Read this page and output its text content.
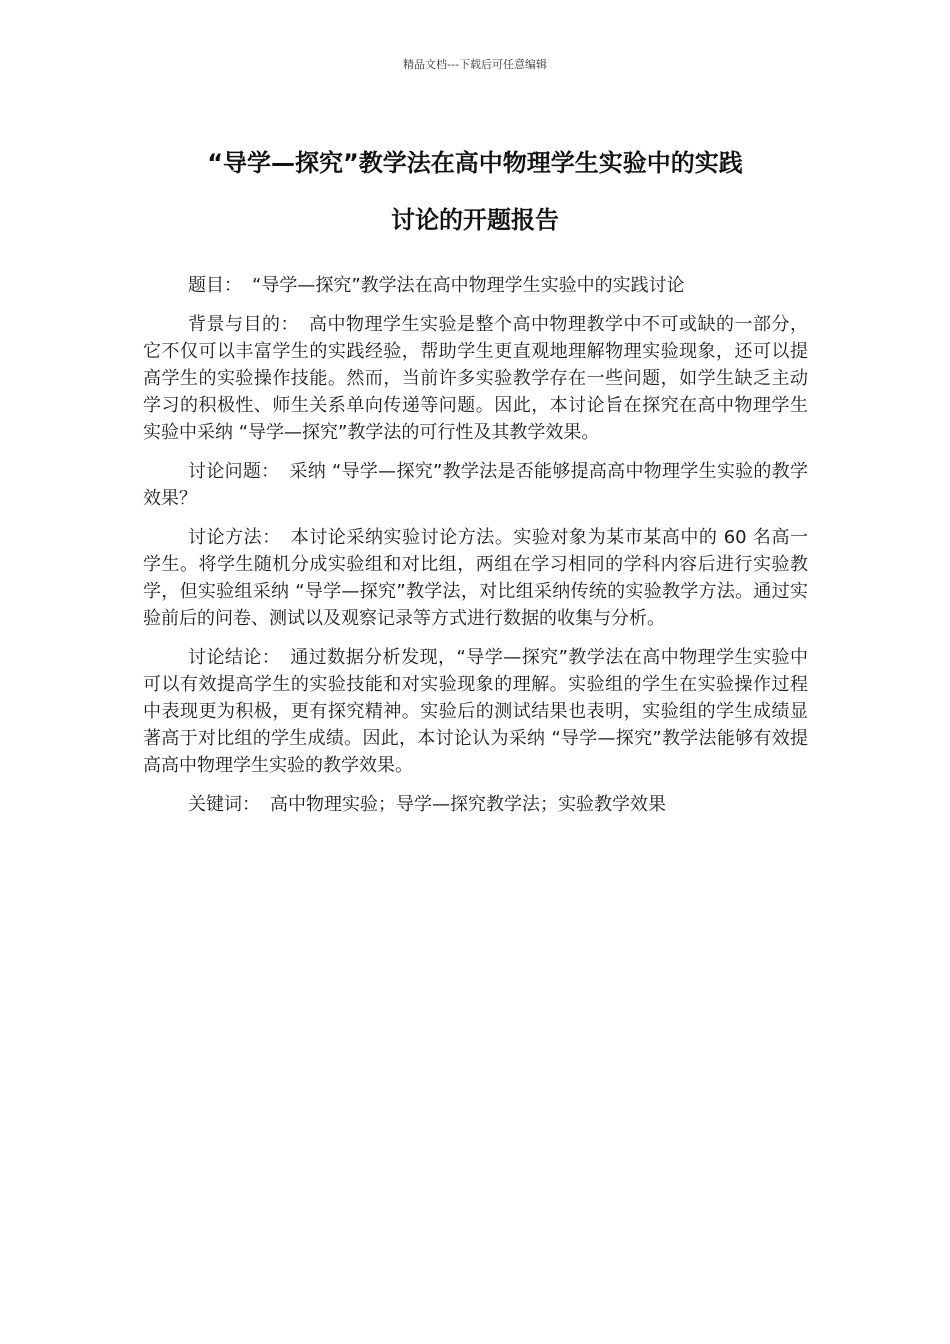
精品文档---下载后可任意编辑
“导学—探究”教学法在高中物理学生实验中的实践
讨论的开题报告

题目： “导学—探究”教学法在高中物理学生实验中的实践讨论

背景与目的： 高中物理学生实验是整个高中物理教学中不可或缺的一部分，它不仅可以丰富学生的实践经验，帮助学生更直观地理解物理实验现象，还可以提高学生的实验操作技能。然而，当前许多实验教学存在一些问题，如学生缺乏主动学习的积极性、师生关系单向传递等问题。因此，本讨论旨在探究在高中物理学生实验中采纳 “导学—探究”教学法的可行性及其教学效果。

讨论问题： 采纳 “导学—探究”教学法是否能够提高高中物理学生实验的教学效果？

讨论方法： 本讨论采纳实验讨论方法。实验对象为某市某高中的 60 名高一学生。将学生随机分成实验组和对比组，两组在学习相同的学科内容后进行实验教学，但实验组采纳 “导学—探究”教学法，对比组采纳传统的实验教学方法。通过实验前后的问卷、测试以及观察记录等方式进行数据的收集与分析。

讨论结论： 通过数据分析发现，“导学—探究”教学法在高中物理学生实验中可以有效提高学生的实验技能和对实验现象的理解。实验组的学生在实验操作过程中表现更为积极，更有探究精神。实验后的测试结果也表明，实验组的学生成绩显著高于对比组的学生成绩。因此，本讨论认为采纳 “导学—探究”教学法能够有效提高高中物理学生实验的教学效果。

关键词： 高中物理实验；导学—探究教学法；实验教学效果
